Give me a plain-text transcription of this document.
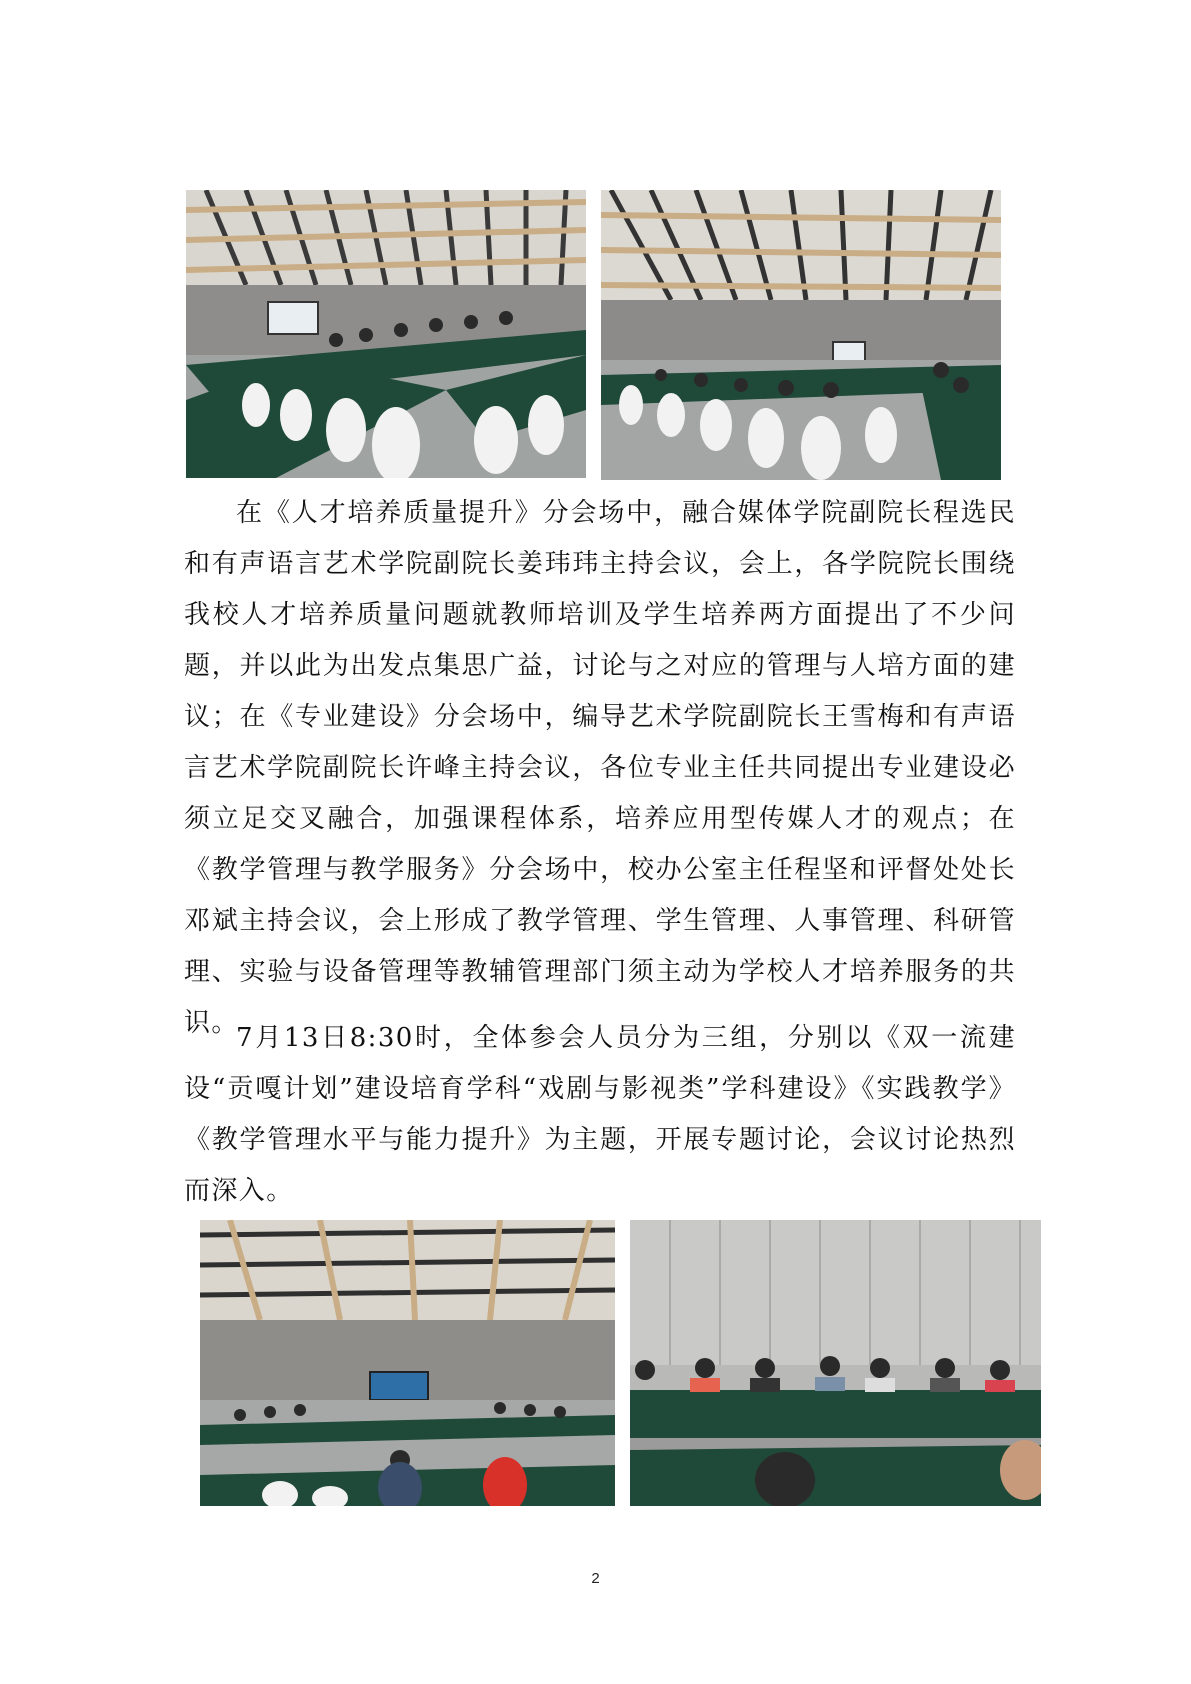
在《人才培养质量提升》分会场中，融合媒体学院副院长程选民和有声语言艺术学院副院长姜玮玮主持会议，会上，各学院院长围绕我校人才培养质量问题就教师培训及学生培养两方面提出了不少问题，并以此为出发点集思广益，讨论与之对应的管理与人培方面的建议；在《专业建设》分会场中，编导艺术学院副院长王雪梅和有声语言艺术学院副院长许峰主持会议，各位专业主任共同提出专业建设必须立足交叉融合，加强课程体系，培养应用型传媒人才的观点；在《教学管理与教学服务》分会场中，校办公室主任程坚和评督处处长邓斌主持会议，会上形成了教学管理、学生管理、人事管理、科研管理、实验与设备管理等教辅管理部门须主动为学校人才培养服务的共识。

7月13日8:30时，全体参会人员分为三组，分别以《双一流建设“贡嘎计划”建设培育学科“戏剧与影视类”学科建设》《实践教学》《教学管理水平与能力提升》为主题，开展专题讨论，会议讨论热烈而深入。

2
